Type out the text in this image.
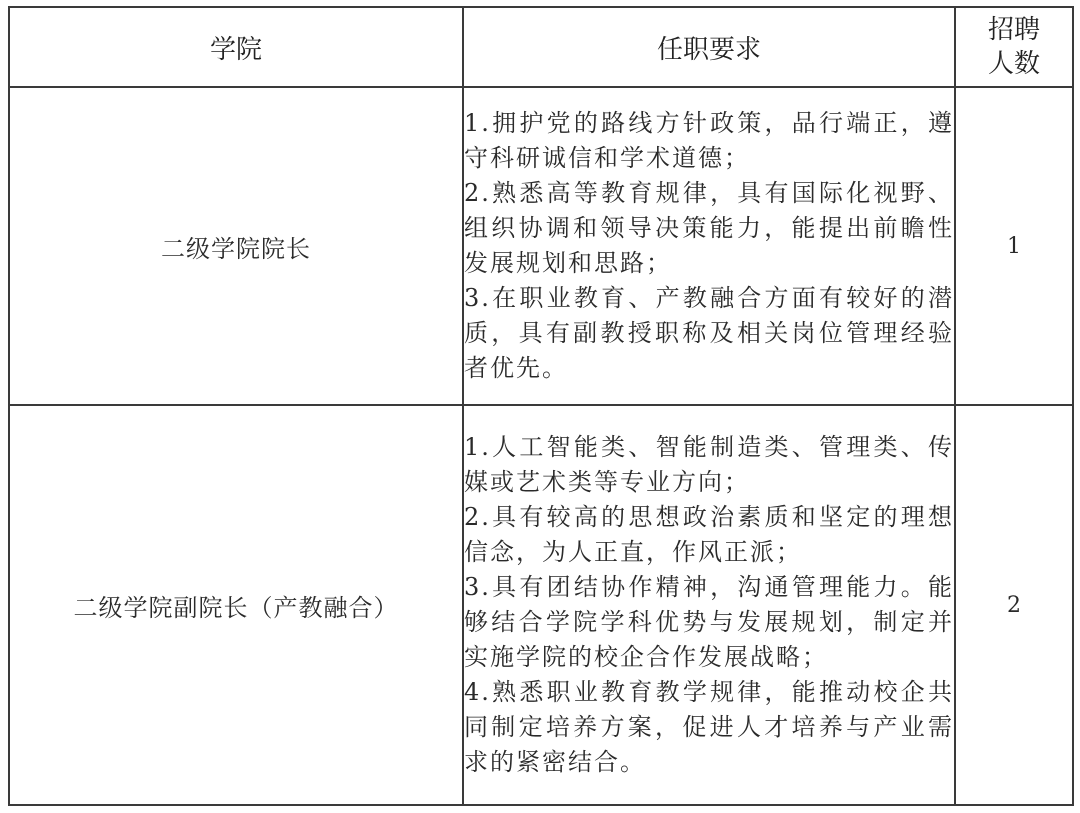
学院	任职要求	招聘
人数

二级学院院长	1.拥护党的路线方针政策，品行端正，遵守科研诚信和学术道德；

2.熟悉高等教育规律，具有国际化视野、组织协调和领导决策能力，能提出前瞻性发展规划和思路；

3.在职业教育、产教融合方面有较好的潜质，具有副教授职称及相关岗位管理经验者优先。	1
二级学院副院长（产教融合）	1.人工智能类、智能制造类、管理类、传媒或艺术类等专业方向；

2.具有较高的思想政治素质和坚定的理想信念，为人正直，作风正派；

3.具有团结协作精神，沟通管理能力。能够结合学院学科优势与发展规划，制定并实施学院的校企合作发展战略；

4.熟悉职业教育教学规律，能推动校企共同制定培养方案，促进人才培养与产业需求的紧密结合。	2
